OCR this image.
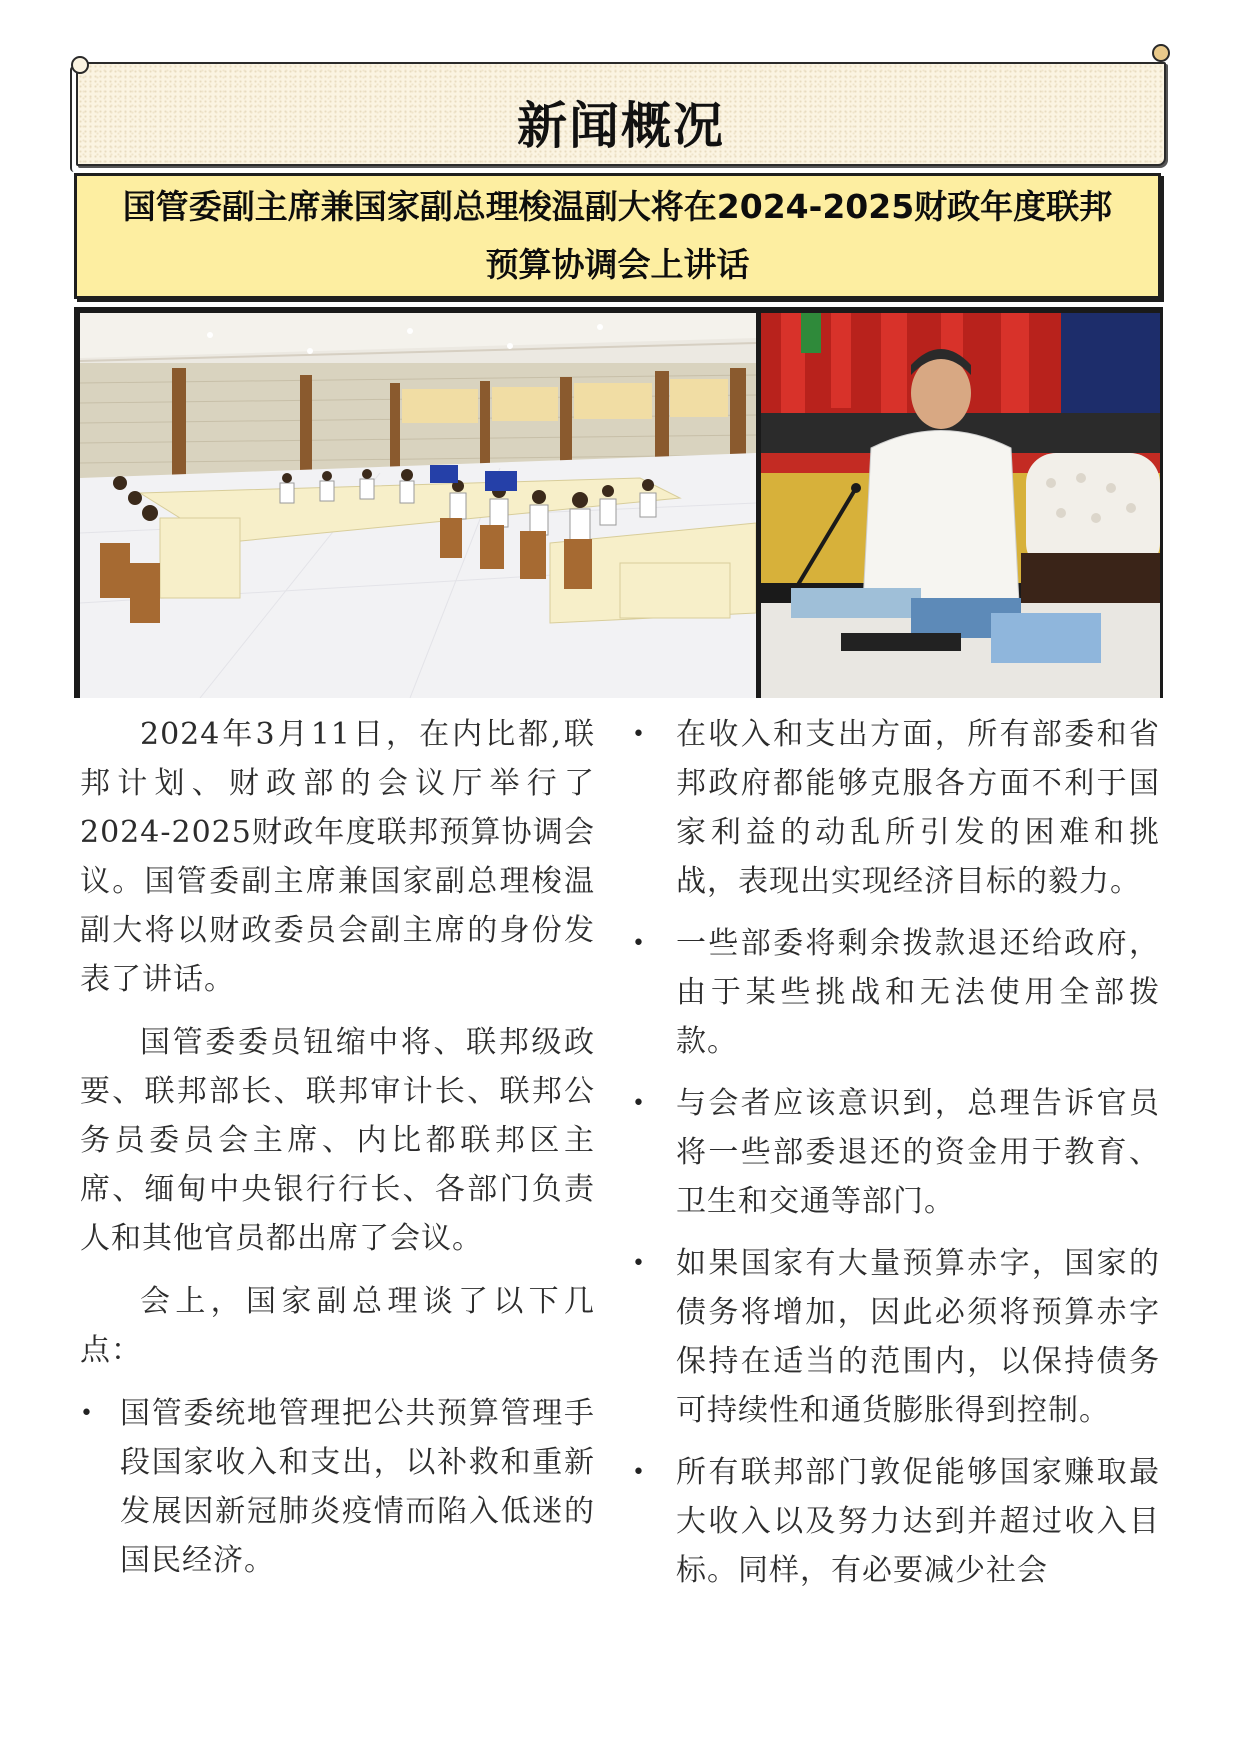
新闻概况
国管委副主席兼国家副总理梭温副大将在2024-2025财政年度联邦
预算协调会上讲话

2024年3月11日，在内比都,联邦计划、财政部的会议厅举行了2024-2025财政年度联邦预算协调会议。国管委副主席兼国家副总理梭温副大将以财政委员会副主席的身份发表了讲话。

国管委委员钮缩中将、联邦级政要、联邦部长、联邦审计长、联邦公务员委员会主席、内比都联邦区主席、缅甸中央银行行长、各部门负责人和其他官员都出席了会议。

会上，国家副总理谈了以下几点：

• 国管委统地管理把公共预算管理手段国家收入和支出，以补救和重新发展因新冠肺炎疫情而陷入低迷的国民经济。
• 在收入和支出方面，所有部委和省邦政府都能够克服各方面不利于国家利益的动乱所引发的困难和挑战，表现出实现经济目标的毅力。
• 一些部委将剩余拨款退还给政府，由于某些挑战和无法使用全部拨款。
• 与会者应该意识到，总理告诉官员将一些部委退还的资金用于教育、卫生和交通等部门。
• 如果国家有大量预算赤字，国家的债务将增加，因此必须将预算赤字保持在适当的范围内，以保持债务可持续性和通货膨胀得到控制。
• 所有联邦部门敦促能够国家赚取最大收入以及努力达到并超过收入目标。同样，有必要减少社会
